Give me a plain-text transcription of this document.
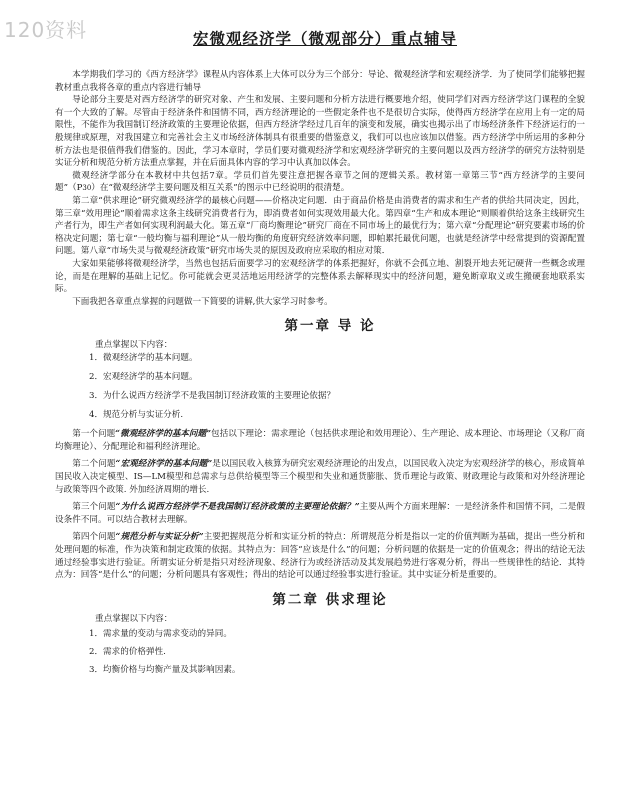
120资料	宏微观经济学（微观部分）重点辅导

本学期我们学习的《西方经济学》课程从内容体系上大体可以分为三个部分：导论、微观经济学和宏观经济学．为了使同学们能够把握教材重点我将各章的重点内容进行辅导

导论部分主要是对西方经济学的研究对象、产生和发展、主要问题和分析方法进行概要地介绍，使同学们对西方经济学这门课程的全貌有一个大致的了解。尽管由于经济条件和国情不同，西方经济理论的一些假定条件也不是很切合实际，使得西方经济学在应用上有一定的局限性，不能作为我国制订经济政策的主要理论依据，但西方经济学经过几百年的演变和发展，确实也揭示出了市场经济条件下经济运行的一般规律或原理，对我国建立和完善社会主义市场经济体制具有很重要的借鉴意义，我们可以也应该加以借鉴。西方经济学中所运用的多种分析方法也是很值得我们借鉴的。因此，学习本章时，学员们要对微观经济学和宏观经济学研究的主要问题以及西方经济学的研究方法特别是实证分析和规范分析方法重点掌握，并在后面具体内容的学习中认真加以体会。

微观经济学部分在本教材中共包括7章。学员们首先要注意把握各章节之间的逻辑关系。教材第一章第三节“西方经济学的主要问题”（P30）在“微观经济学主要问题及相互关系”的图示中已经说明的很清楚。

第二章“供求理论”研究微观经济学的最核心问题——价格决定问题．由于商品价格是由消费者的需求和生产者的供给共同决定，因此，第三章“效用理论”顺着需求这条主线研究消费者行为，即消费者如何实现效用最大化。第四章“生产和成本理论”则顺着供给这条主线研究生产者行为，即生产者如何实现利润最大化。第五章“厂商均衡理论”研究厂商在不同市场上的最优行为；第六章“分配理论”研究要素市场的价格决定问题；第七章“一般均衡与福利理论”从一般均衡的角度研究经济效率问题，即帕累托最优问题，也就是经济学中经常提到的资源配置问题。第八章“市场失灵与微观经济政策”研究市场失灵的原因及政府应采取的相应对策．

大家如果能够将微观经济学，当然也包括后面要学习的宏观经济学的体系把握好，你就不会孤立地、割裂开地去死记硬背一些概念或理论，而是在理解的基础上记忆。你可能就会更灵活地运用经济学的完整体系去解释现实中的经济问题，避免断章取义或生搬硬套地联系实际。

下面我把各章重点掌握的问题做一下简要的讲解,供大家学习时参考。

第一章 导 论
重点掌握以下内容：
1．微观经济学的基本问题。
2．宏观经济学的基本问题。
3．为什么说西方经济学不是我国制订经济政策的主要理论依据？
4．规范分析与实证分析.

第一个问题“微观经济学的基本问题”包括以下理论：需求理论（包括供求理论和效用理论）、生产理论、成本理论、市场理论（又称厂商均衡理论）、分配理论和福利经济理论。

第二个问题“宏观经济学的基本问题”是以国民收入核算为研究宏观经济理论的出发点，以国民收入决定为宏观经济学的核心，形成简单国民收入决定模型、IS—LM模型和总需求与总供给模型等三个模型和失业和通货膨胀、货币理论与政策、财政理论与政策和对外经济理论与政策等四个政策. 外加经济周期的增长.

第三个问题“为什么说西方经济学不是我国制订经济政策的主要理论依据？”主要从两个方面来理解：一是经济条件和国情不同，二是假设条件不同。可以结合教材去理解。

第四个问题“规范分析与实证分析”主要把握规范分析和实证分析的特点：所谓规范分析是指以一定的价值判断为基础，提出一些分析和处理问题的标准，作为决策和制定政策的依据。其特点为：回答“应该是什么”的问题；分析问题的依据是一定的价值观念；得出的结论无法通过经验事实进行验证。所谓实证分析是指只对经济现象、经济行为或经济活动及其发展趋势进行客观分析，得出一些规律性的结论．其特点为：回答“是什么”的问题；分析问题具有客观性；得出的结论可以通过经验事实进行验证。其中实证分析是重要的。

第二章 供求理论
重点掌握以下内容：
1．需求量的变动与需求变动的异同。
2．需求的价格弹性.
3．均衡价格与均衡产量及其影响因素。
